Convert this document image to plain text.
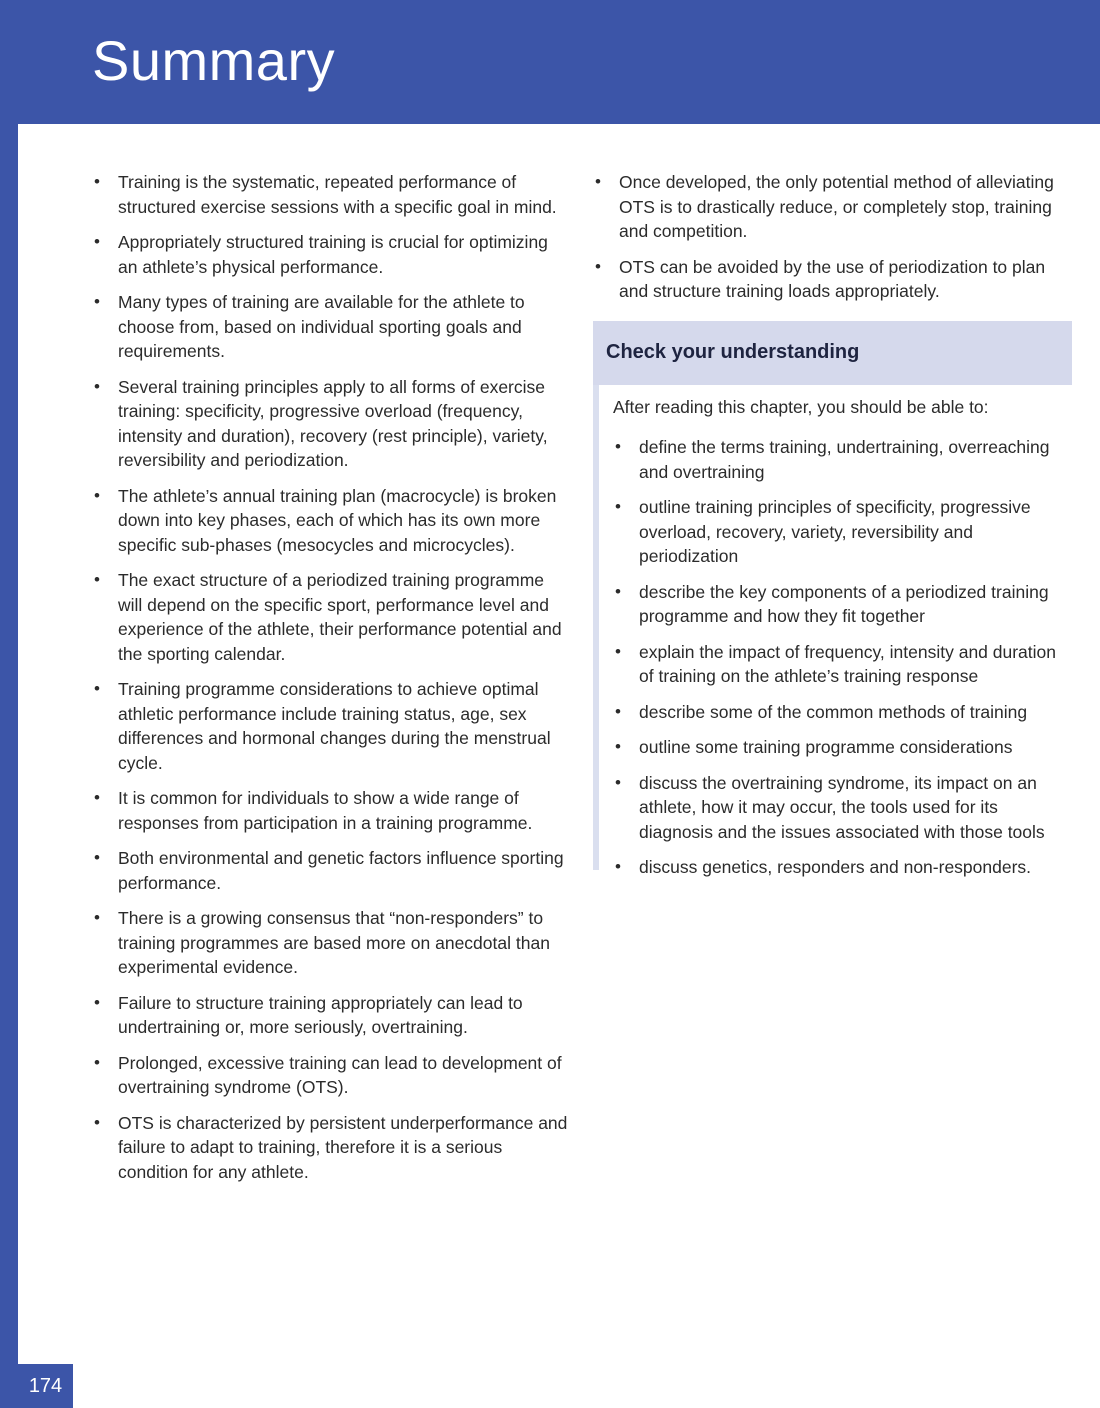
Summary
• Training is the systematic, repeated performance of structured exercise sessions with a specific goal in mind.
• Appropriately structured training is crucial for optimizing an athlete’s physical performance.
• Many types of training are available for the athlete to choose from, based on individual sporting goals and requirements.
• Several training principles apply to all forms of exercise training: specificity, progressive overload (frequency, intensity and duration), recovery (rest principle), variety, reversibility and periodization.
• The athlete’s annual training plan (macrocycle) is broken down into key phases, each of which has its own more specific sub-phases (mesocycles and microcycles).
• The exact structure of a periodized training programme will depend on the specific sport, performance level and experience of the athlete, their performance potential and the sporting calendar.
• Training programme considerations to achieve optimal athletic performance include training status, age, sex differences and hormonal changes during the menstrual cycle.
• It is common for individuals to show a wide range of responses from participation in a training programme.
• Both environmental and genetic factors influence sporting performance.
• There is a growing consensus that “non-responders” to training programmes are based more on anecdotal than experimental evidence.
• Failure to structure training appropriately can lead to undertraining or, more seriously, overtraining.
• Prolonged, excessive training can lead to development of overtraining syndrome (OTS).
• OTS is characterized by persistent underperformance and failure to adapt to training, therefore it is a serious condition for any athlete.
• Once developed, the only potential method of alleviating OTS is to drastically reduce, or completely stop, training and competition.
• OTS can be avoided by the use of periodization to plan and structure training loads appropriately.
Check your understanding
After reading this chapter, you should be able to:
• define the terms training, undertraining, overreaching and overtraining
• outline training principles of specificity, progressive overload, recovery, variety, reversibility and periodization
• describe the key components of a periodized training programme and how they fit together
• explain the impact of frequency, intensity and duration of training on the athlete’s training response
• describe some of the common methods of training
• outline some training programme considerations
• discuss the overtraining syndrome, its impact on an athlete, how it may occur, the tools used for its diagnosis and the issues associated with those tools
• discuss genetics, responders and non-responders.
174
